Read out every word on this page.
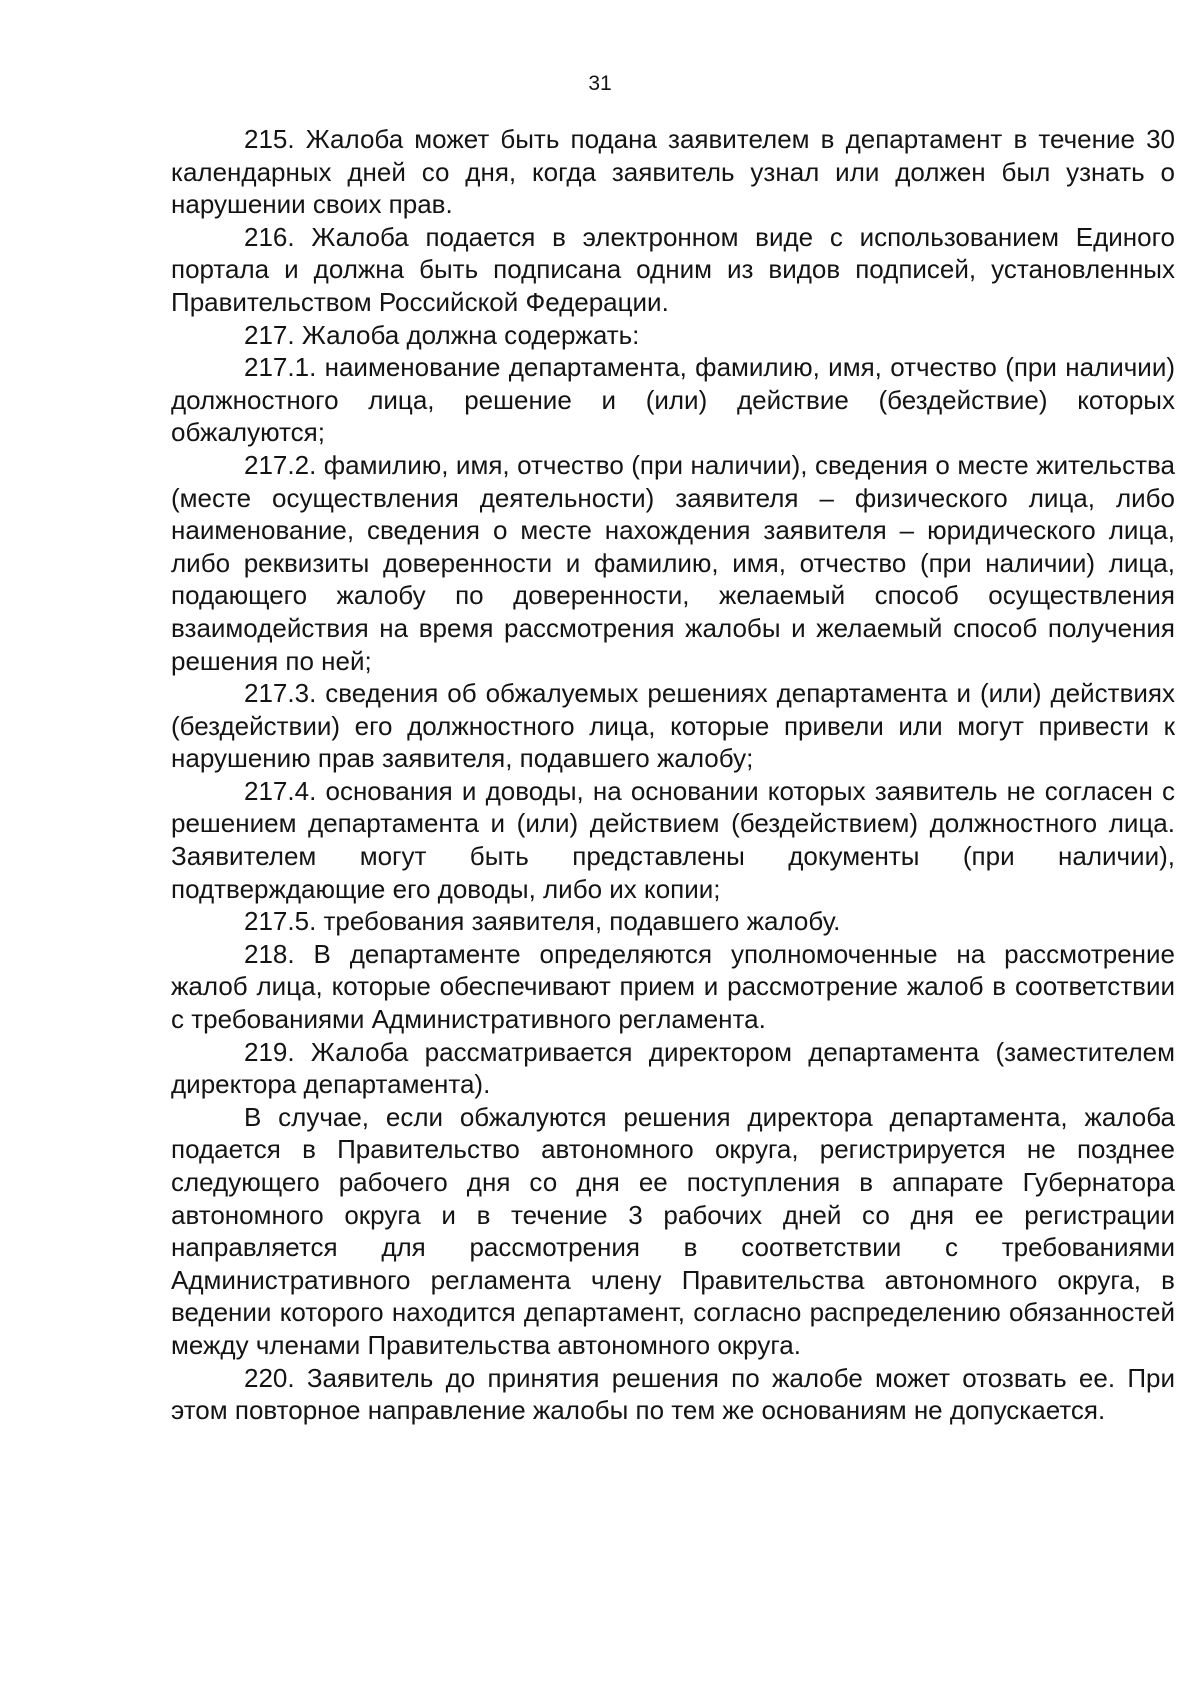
31

215. Жалоба может быть подана заявителем в департамент в течение 30 календарных дней со дня, когда заявитель узнал или должен был узнать о нарушении своих прав.

216. Жалоба подается в электронном виде с использованием Единого портала и должна быть подписана одним из видов подписей, установленных Правительством Российской Федерации.

217. Жалоба должна содержать:

217.1. наименование департамента, фамилию, имя, отчество (при наличии) должностного лица, решение и (или) действие (бездействие) которых обжалуются;

217.2. фамилию, имя, отчество (при наличии), сведения о месте жительства (месте осуществления деятельности) заявителя – физического лица, либо наименование, сведения о месте нахождения заявителя – юридического лица, либо реквизиты доверенности и фамилию, имя, отчество (при наличии) лица, подающего жалобу по доверенности, желаемый способ осуществления взаимодействия на время рассмотрения жалобы и желаемый способ получения решения по ней;

217.3. сведения об обжалуемых решениях департамента и (или) действиях (бездействии) его должностного лица, которые привели или могут привести к нарушению прав заявителя, подавшего жалобу;

217.4. основания и доводы, на основании которых заявитель не согласен с решением департамента и (или) действием (бездействием) должностного лица. Заявителем могут быть представлены документы (при наличии), подтверждающие его доводы, либо их копии;

217.5. требования заявителя, подавшего жалобу.

218. В департаменте определяются уполномоченные на рассмотрение жалоб лица, которые обеспечивают прием и рассмотрение жалоб в соответствии с требованиями Административного регламента.

219. Жалоба рассматривается директором департамента (заместителем директора департамента).

В случае, если обжалуются решения директора департамента, жалоба подается в Правительство автономного округа, регистрируется не позднее следующего рабочего дня со дня ее поступления в аппарате Губернатора автономного округа и в течение 3 рабочих дней со дня ее регистрации направляется для рассмотрения в соответствии с требованиями Административного регламента члену Правительства автономного округа, в ведении которого находится департамент, согласно распределению обязанностей между членами Правительства автономного округа.

220. Заявитель до принятия решения по жалобе может отозвать ее. При этом повторное направление жалобы по тем же основаниям не допускается.
